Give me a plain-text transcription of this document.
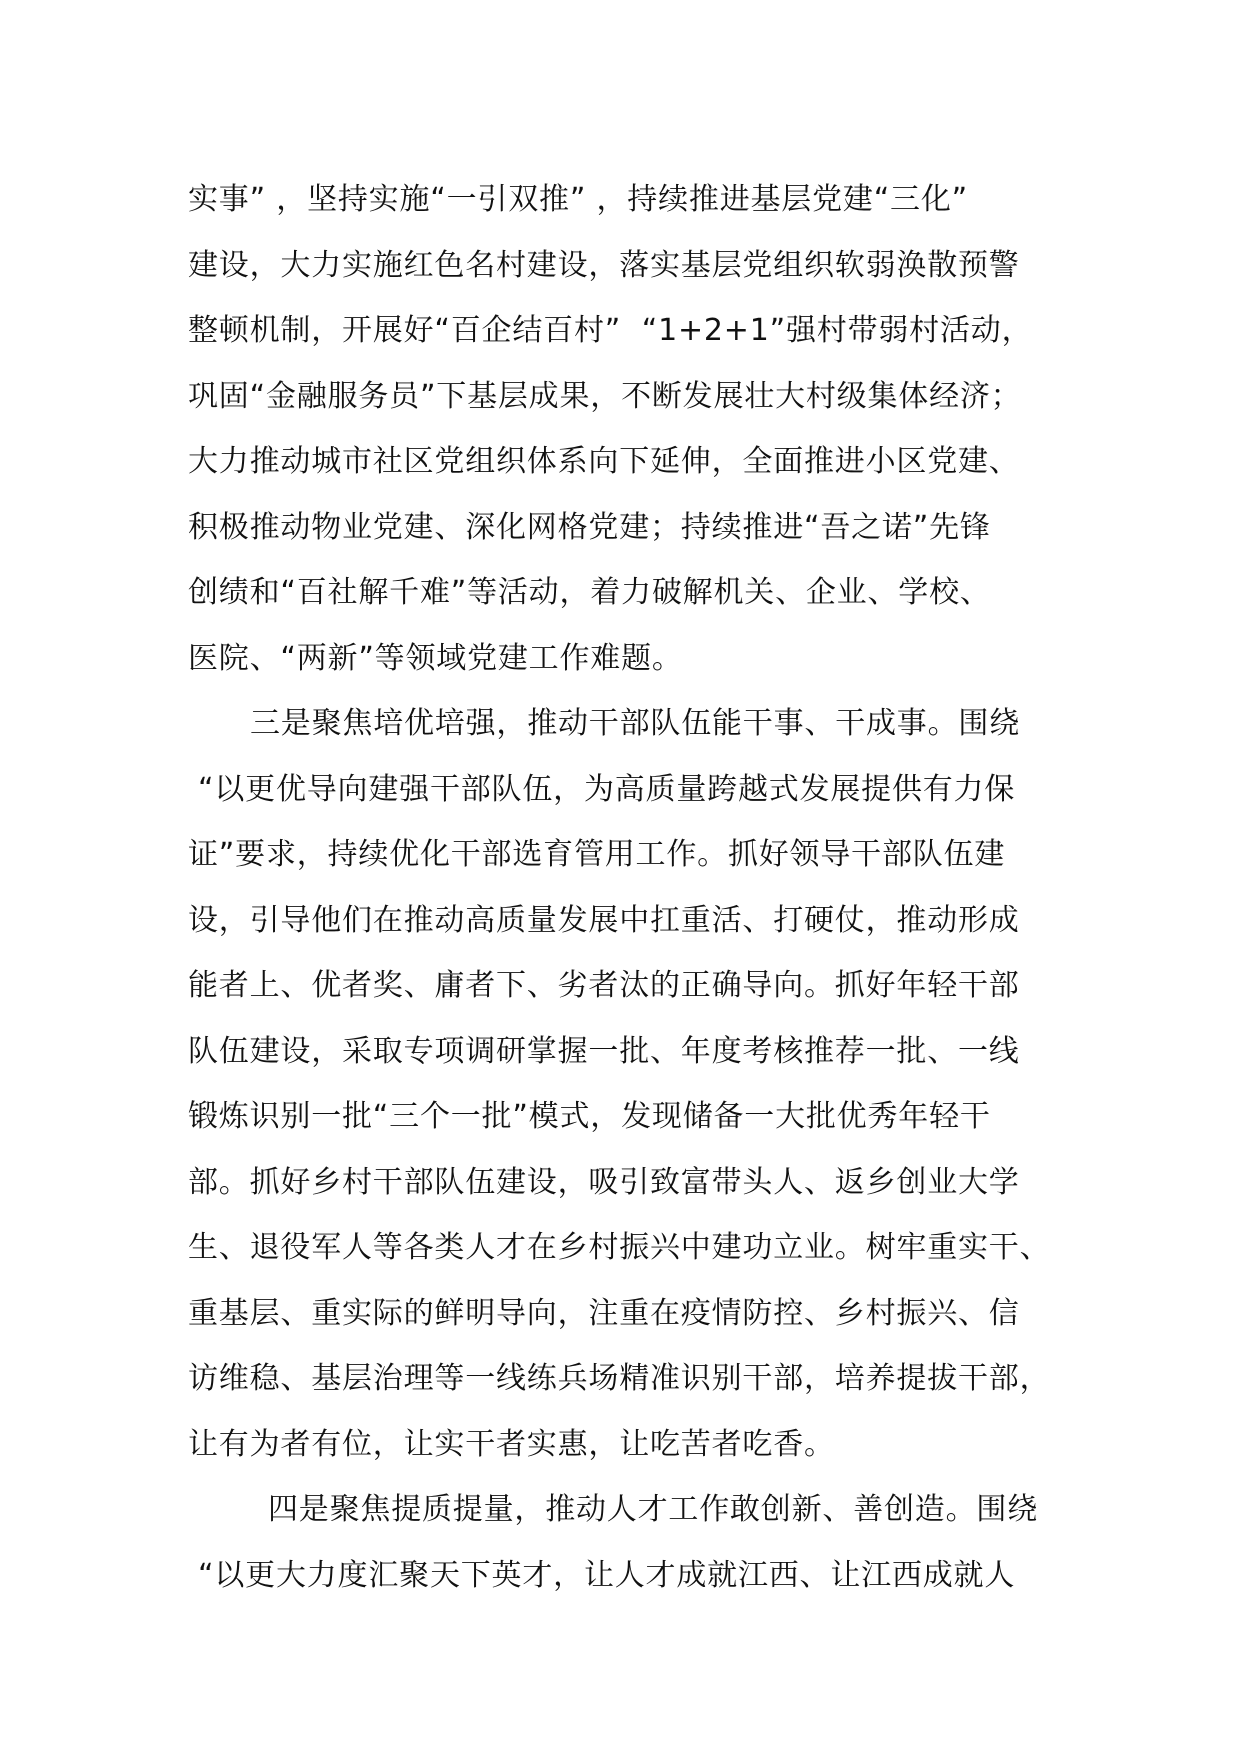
实事” ，坚持实施“一引双推” ，持续推进基层党建“三化”
建设，大力实施红色名村建设，落实基层党组织软弱涣散预警
整顿机制，开展好“百企结百村”  “1+2+1”强村带弱村活动，
巩固“金融服务员”下基层成果，不断发展壮大村级集体经济；
大力推动城市社区党组织体系向下延伸，全面推进小区党建、
积极推动物业党建、深化网格党建；持续推进“吾之诺”先锋
创绩和“百社解千难”等活动，着力破解机关、企业、学校、
医院、“两新”等领域党建工作难题。
三是聚焦培优培强，推动干部队伍能干事、干成事。围绕
“以更优导向建强干部队伍，为高质量跨越式发展提供有力保
证”要求，持续优化干部选育管用工作。抓好领导干部队伍建
设，引导他们在推动高质量发展中扛重活、打硬仗，推动形成
能者上、优者奖、庸者下、劣者汰的正确导向。抓好年轻干部
队伍建设，采取专项调研掌握一批、年度考核推荐一批、一线
锻炼识别一批“三个一批”模式，发现储备一大批优秀年轻干
部。抓好乡村干部队伍建设，吸引致富带头人、返乡创业大学
生、退役军人等各类人才在乡村振兴中建功立业。树牢重实干、
重基层、重实际的鲜明导向，注重在疫情防控、乡村振兴、信
访维稳、基层治理等一线练兵场精准识别干部，培养提拔干部，
让有为者有位，让实干者实惠，让吃苦者吃香。
四是聚焦提质提量，推动人才工作敢创新、善创造。围绕
“以更大力度汇聚天下英才，让人才成就江西、让江西成就人
